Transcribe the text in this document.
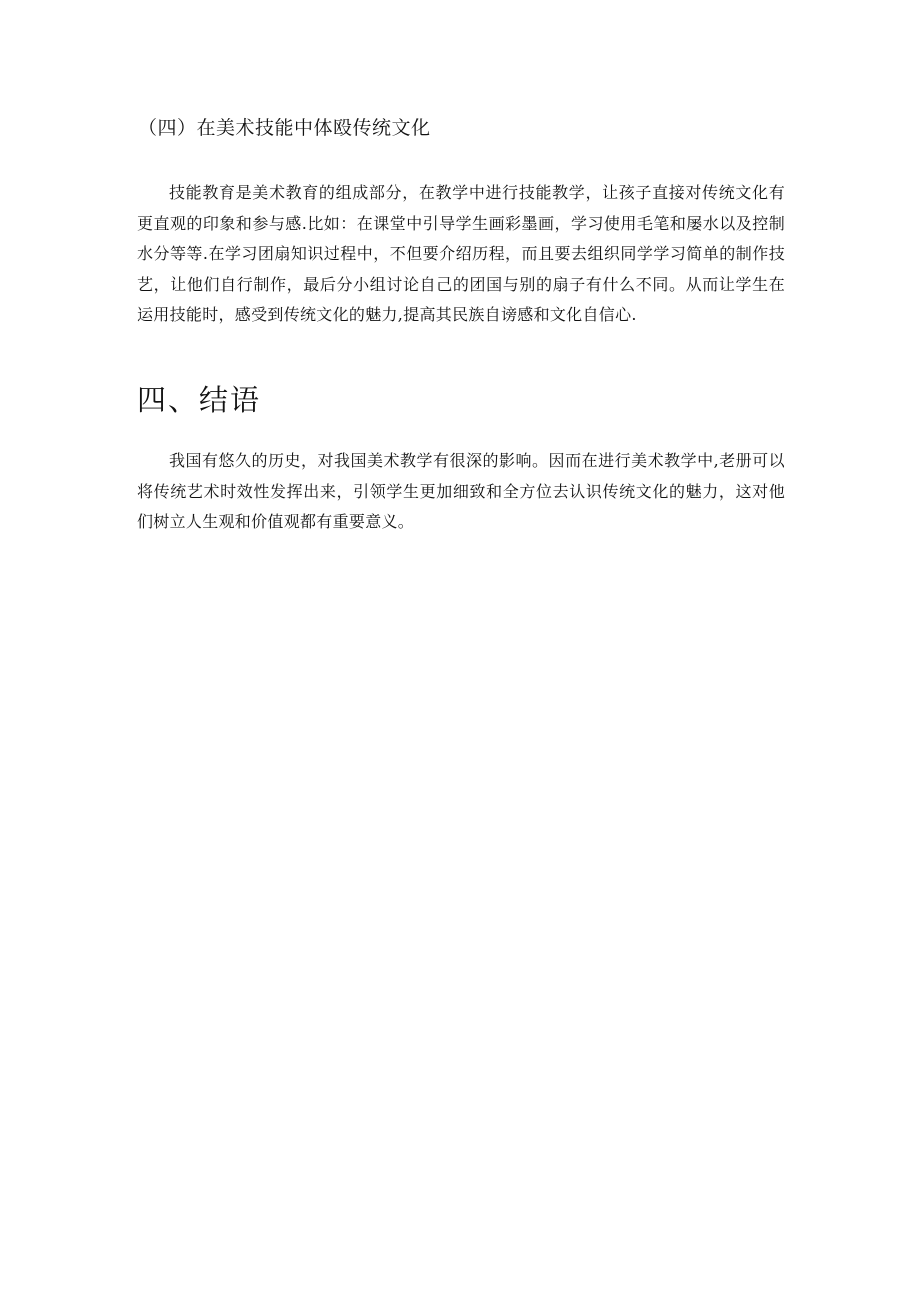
（四）在美术技能中体殴传统文化

技能教育是美术教育的组成部分，在教学中进行技能教学，让孩子直接对传统文化有更直观的印象和参与感.比如：在课堂中引导学生画彩墨画，学习使用毛笔和屡水以及控制水分等等.在学习团扇知识过程中，不但要介绍历程，而且要去组织同学学习简单的制作技艺，让他们自行制作，最后分小组讨论自己的团国与别的扇子有什么不同。从而让学生在运用技能时，感受到传统文化的魅力,提高其民族自谤感和文化自信心.

四、结语

我国有悠久的历史，对我国美术教学有很深的影响。因而在进行美术教学中,老册可以将传统艺术时效性发挥出来，引领学生更加细致和全方位去认识传统文化的魅力，这对他们树立人生观和价值观都有重要意义。
